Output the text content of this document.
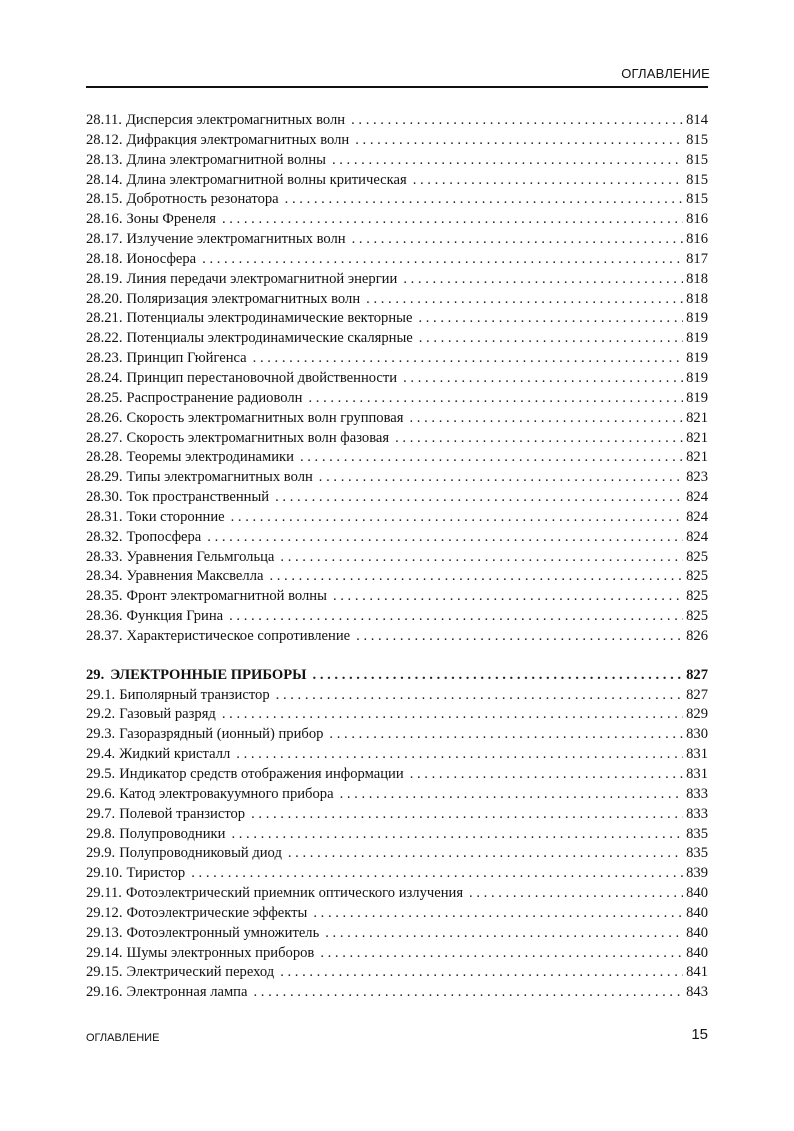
ОГЛАВЛЕНИЕ
28.11. Дисперсия электромагнитных волн . . .	814
28.12. Дифракция электромагнитных волн . . .	815
28.13. Длина электромагнитной волны . . .	815
28.14. Длина электромагнитной волны критическая . . .	815
28.15. Добротность резонатора . . .	815
28.16. Зоны Френеля . . .	816
28.17. Излучение электромагнитных волн . . .	816
28.18. Ионосфера . . .	817
28.19. Линия передачи электромагнитной энергии . . .	818
28.20. Поляризация электромагнитных волн . . .	818
28.21. Потенциалы электродинамические векторные . . .	819
28.22. Потенциалы электродинамические скалярные . . .	819
28.23. Принцип Гюйгенса . . .	819
28.24. Принцип перестановочной двойственности . . .	819
28.25. Распространение радиоволн . . .	819
28.26. Скорость электромагнитных волн групповая . . .	821
28.27. Скорость электромагнитных волн фазовая . . .	821
28.28. Теоремы электродинамики . . .	821
28.29. Типы электромагнитных волн . . .	823
28.30. Ток пространственный . . .	824
28.31. Токи сторонние . . .	824
28.32. Тропосфера . . .	824
28.33. Уравнения Гельмгольца . . .	825
28.34. Уравнения Максвелла . . .	825
28.35. Фронт электромагнитной волны . . .	825
28.36. Функция Грина . . .	825
28.37. Характеристическое сопротивление . . .	826
29. ЭЛЕКТРОННЫЕ ПРИБОРЫ . . .	827
29.1. Биполярный транзистор . . .	827
29.2. Газовый разряд . . .	829
29.3. Газоразрядный (ионный) прибор . . .	830
29.4. Жидкий кристалл . . .	831
29.5. Индикатор средств отображения информации . . .	831
29.6. Катод электровакуумного прибора . . .	833
29.7. Полевой транзистор . . .	833
29.8. Полупроводники . . .	835
29.9. Полупроводниковый диод . . .	835
29.10. Тиристор . . .	839
29.11. Фотоэлектрический приемник оптического излучения . . .	840
29.12. Фотоэлектрические эффекты . . .	840
29.13. Фотоэлектронный умножитель . . .	840
29.14. Шумы электронных приборов . . .	840
29.15. Электрический переход . . .	841
29.16. Электронная лампа . . .	843
ОГЛАВЛЕНИЕ	15
